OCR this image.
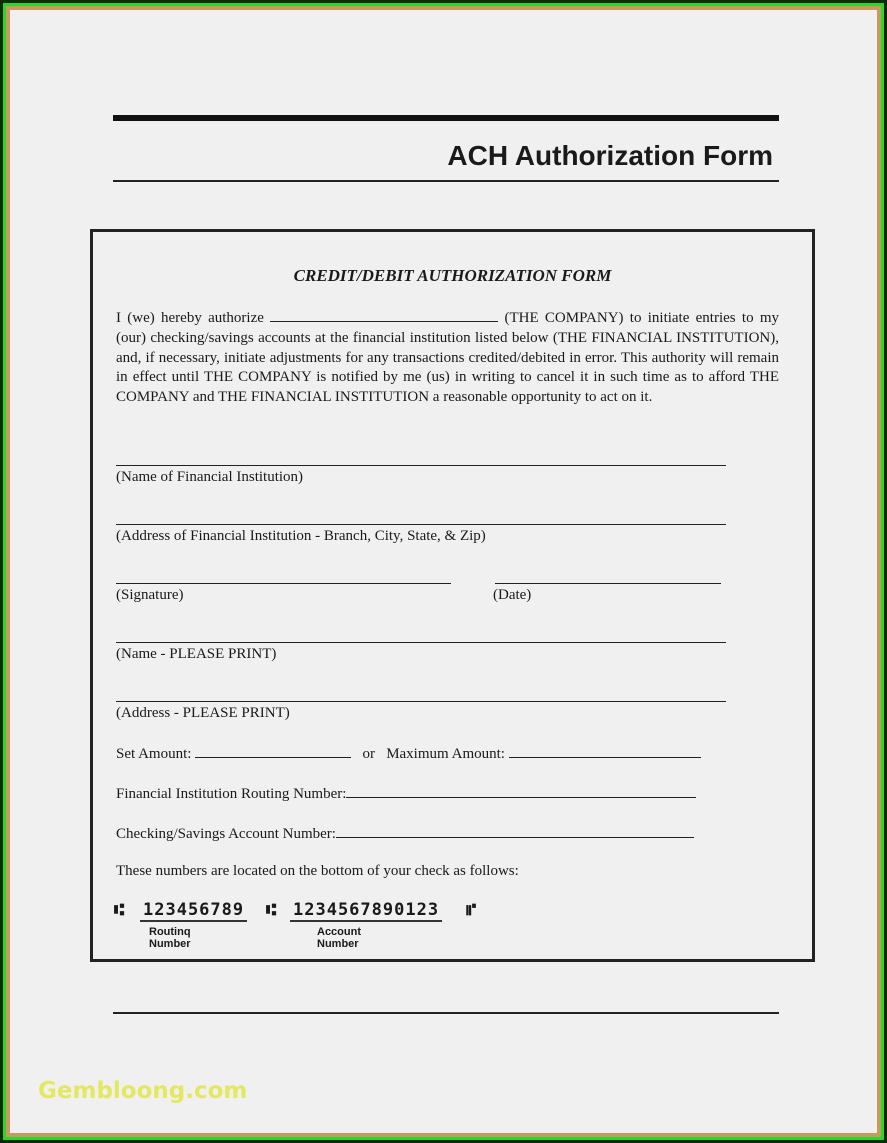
ACH Authorization Form
CREDIT/DEBIT AUTHORIZATION FORM
I (we) hereby authorize	(THE COMPANY) to initiate entries to my (our) checking/savings accounts at the financial institution listed below (THE FINANCIAL INSTITUTION), and, if necessary, initiate adjustments for any transactions credited/debited in error. This authority will remain in effect until THE COMPANY is notified by me (us) in writing to cancel it in such time as to afford THE COMPANY and THE FINANCIAL INSTITUTION a reasonable opportunity to act on it.
(Name of Financial Institution)
(Address of Financial Institution - Branch, City, State, & Zip)
(Signature)	(Date)
(Name - PLEASE PRINT)
(Address - PLEASE PRINT)
Set Amount:	or Maximum Amount:
Financial Institution Routing Number:
Checking/Savings Account Number:
These numbers are located on the bottom of your check as follows:
⑆ 123456789
Routinq Number
⑆ 1234567890123
Account Number
⑈
Gembloong.com
